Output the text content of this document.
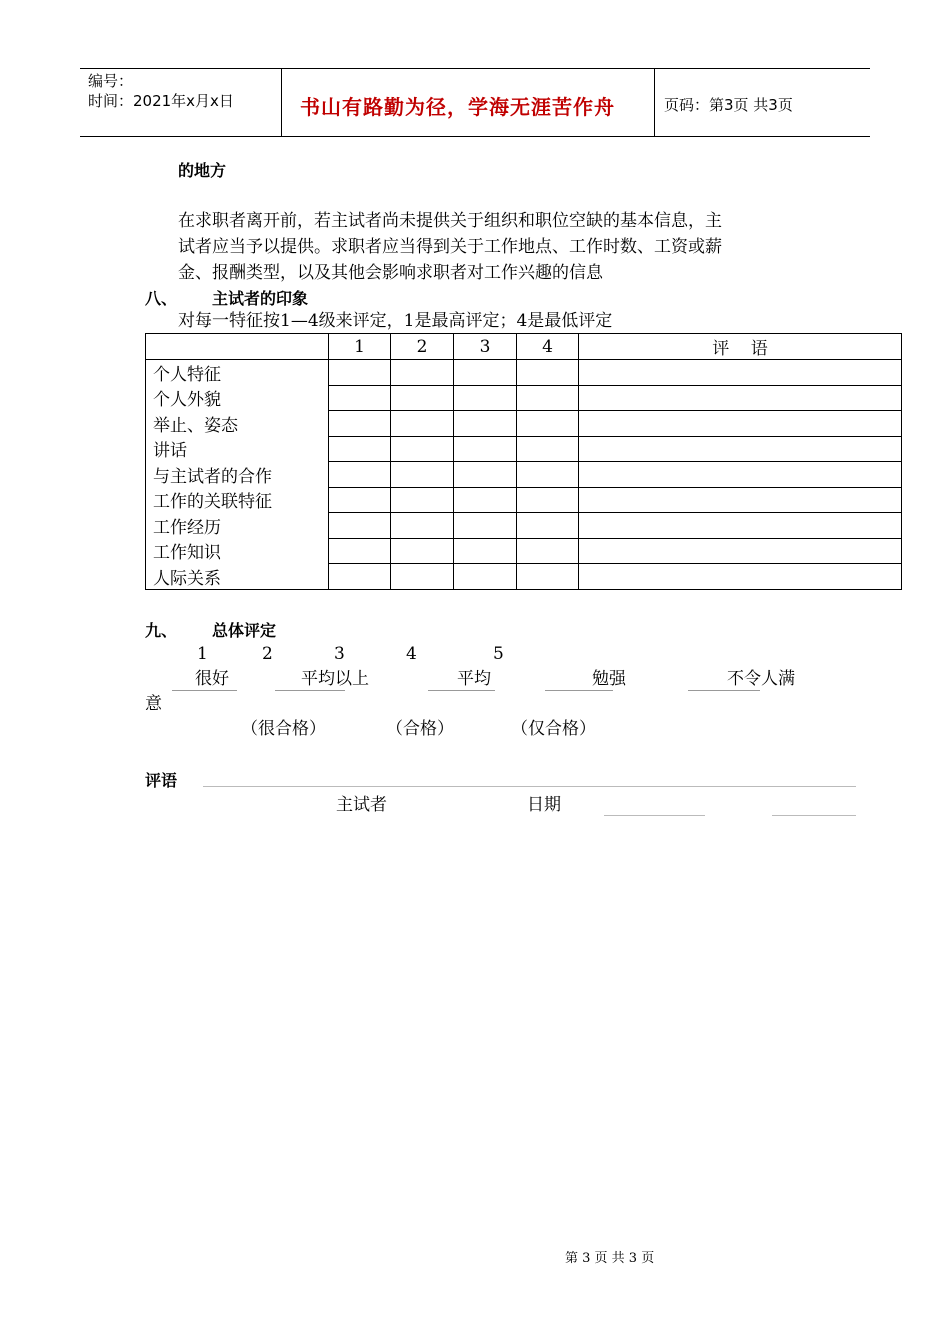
编号：
时间：2021年x月x日	书山有路勤为径，学海无涯苦作舟	页码：第3页 共3页
的地方
在求职者离开前，若主试者尚未提供关于组织和职位空缺的基本信息，主
试者应当予以提供。求职者应当得到关于工作地点、工作时数、工资或薪
金、报酬类型，以及其他会影响求职者对工作兴趣的信息
八、 主试者的印象
对每一特征按1—4级来评定，1是最高评定；4是最低评定
	1	2	3	4	评    语
个人特征					
个人外貌					
举止、姿态					
讲话					
与主试者的合作					
工作的关联特征					
工作经历					
工作知识					
人际关系					
九、 总体评定
1	2	3	4	5
很好	平均以上	平均	勉强	不令人满
意
（很合格）	（合格）	（仅合格）
评语
主试者	日期
第 3 页 共 3 页
